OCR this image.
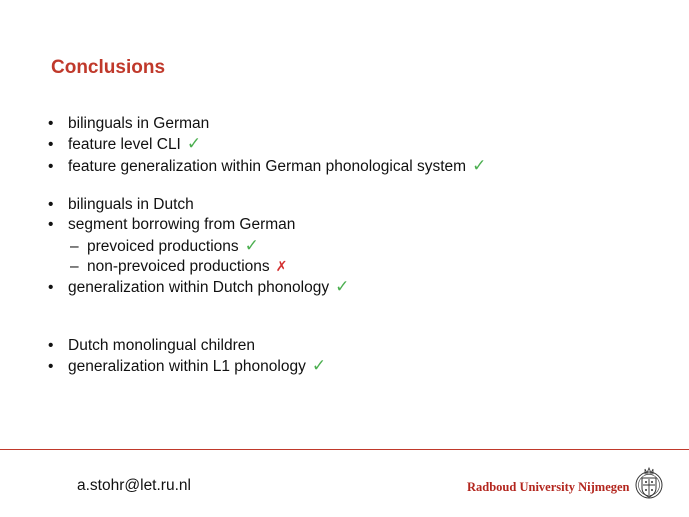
Conclusions
• bilinguals in German
• feature level CLI ✓
• feature generalization within German phonological system ✓
• bilinguals in Dutch
• segment borrowing from German
– prevoiced productions ✓
– non-prevoiced productions ✗
• generalization within Dutch phonology ✓
• Dutch monolingual children
• generalization within L1 phonology ✓
a.stohr@let.ru.nl	Radboud University Nijmegen
